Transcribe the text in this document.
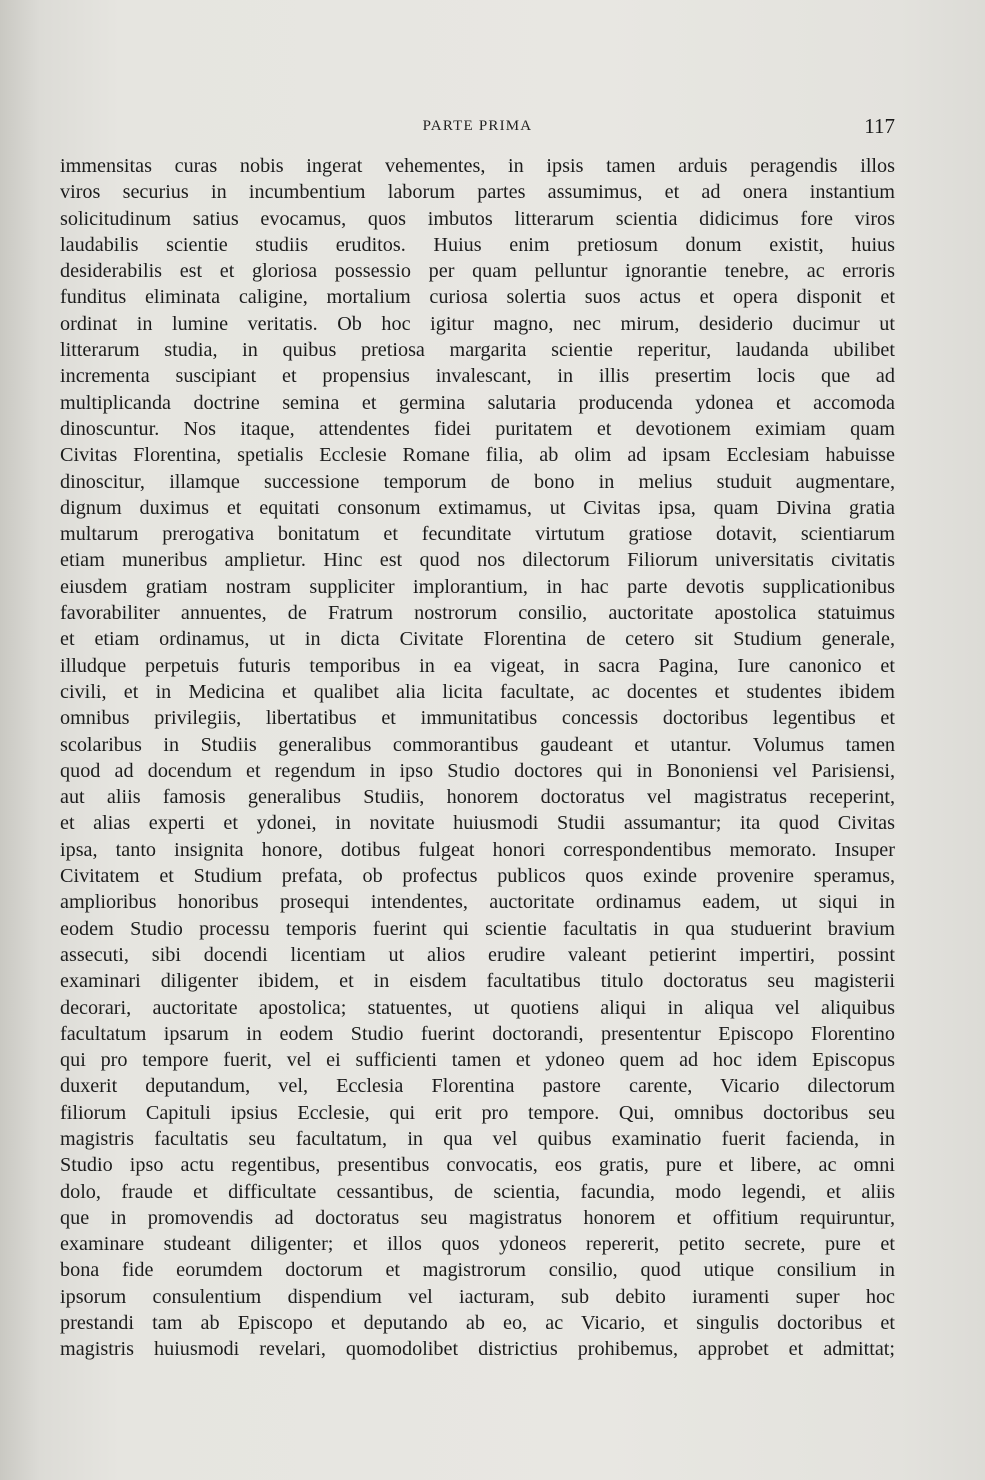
PARTE PRIMA	117
immensitas curas nobis ingerat vehementes, in ipsis tamen arduis peragendis illos
viros securius in incumbentium laborum partes assumimus, et ad onera instantium
solicitudinum satius evocamus, quos imbutos litterarum scientia didicimus fore viros
laudabilis scientie studiis eruditos. Huius enim pretiosum donum existit, huius
desiderabilis est et gloriosa possessio per quam pelluntur ignorantie tenebre, ac erroris
funditus eliminata caligine, mortalium curiosa solertia suos actus et opera disponit et
ordinat in lumine veritatis. Ob hoc igitur magno, nec mirum, desiderio ducimur ut
litterarum studia, in quibus pretiosa margarita scientie reperitur, laudanda ubilibet
incrementa suscipiant et propensius invalescant, in illis presertim locis que ad
multiplicanda doctrine semina et germina salutaria producenda ydonea et accomoda
dinoscuntur. Nos itaque, attendentes fidei puritatem et devotionem eximiam quam
Civitas Florentina, spetialis Ecclesie Romane filia, ab olim ad ipsam Ecclesiam habuisse
dinoscitur, illamque successione temporum de bono in melius studuit augmentare,
dignum duximus et equitati consonum extimamus, ut Civitas ipsa, quam Divina gratia
multarum prerogativa bonitatum et fecunditate virtutum gratiose dotavit, scientiarum
etiam muneribus amplietur. Hinc est quod nos dilectorum Filiorum universitatis civitatis
eiusdem gratiam nostram suppliciter implorantium, in hac parte devotis supplicationibus
favorabiliter annuentes, de Fratrum nostrorum consilio, auctoritate apostolica statuimus
et etiam ordinamus, ut in dicta Civitate Florentina de cetero sit Studium generale,
illudque perpetuis futuris temporibus in ea vigeat, in sacra Pagina, Iure canonico et
civili, et in Medicina et qualibet alia licita facultate, ac docentes et studentes ibidem
omnibus privilegiis, libertatibus et immunitatibus concessis doctoribus legentibus et
scolaribus in Studiis generalibus commorantibus gaudeant et utantur. Volumus tamen
quod ad docendum et regendum in ipso Studio doctores qui in Bononiensi vel Parisiensi,
aut aliis famosis generalibus Studiis, honorem doctoratus vel magistratus receperint,
et alias experti et ydonei, in novitate huiusmodi Studii assumantur; ita quod Civitas
ipsa, tanto insignita honore, dotibus fulgeat honori correspondentibus memorato. Insuper
Civitatem et Studium prefata, ob profectus publicos quos exinde provenire speramus,
amplioribus honoribus prosequi intendentes, auctoritate ordinamus eadem, ut siqui in
eodem Studio processu temporis fuerint qui scientie facultatis in qua studuerint bravium
assecuti, sibi docendi licentiam ut alios erudire valeant petierint impertiri, possint
examinari diligenter ibidem, et in eisdem facultatibus titulo doctoratus seu magisterii
decorari, auctoritate apostolica; statuentes, ut quotiens aliqui in aliqua vel aliquibus
facultatum ipsarum in eodem Studio fuerint doctorandi, presententur Episcopo Florentino
qui pro tempore fuerit, vel ei sufficienti tamen et ydoneo quem ad hoc idem Episcopus
duxerit deputandum, vel, Ecclesia Florentina pastore carente, Vicario dilectorum
filiorum Capituli ipsius Ecclesie, qui erit pro tempore. Qui, omnibus doctoribus seu
magistris facultatis seu facultatum, in qua vel quibus examinatio fuerit facienda, in
Studio ipso actu regentibus, presentibus convocatis, eos gratis, pure et libere, ac omni
dolo, fraude et difficultate cessantibus, de scientia, facundia, modo legendi, et aliis
que in promovendis ad doctoratus seu magistratus honorem et offitium requiruntur,
examinare studeant diligenter; et illos quos ydoneos repererit, petito secrete, pure et
bona fide eorumdem doctorum et magistrorum consilio, quod utique consilium in
ipsorum consulentium dispendium vel iacturam, sub debito iuramenti super hoc
prestandi tam ab Episcopo et deputando ab eo, ac Vicario, et singulis doctoribus et
magistris huiusmodi revelari, quomodolibet districtius prohibemus, approbet et admittat;
